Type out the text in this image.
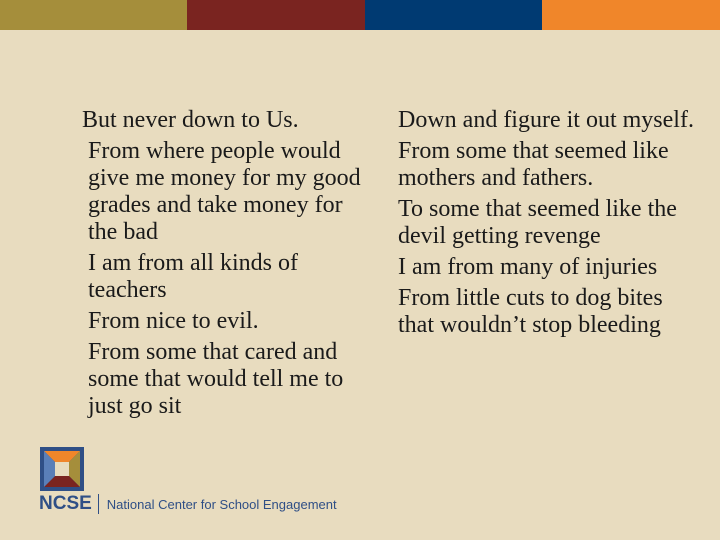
But never down to Us.

From where people would give me money for my good grades and take money for the bad

I am from all kinds of teachers

From nice to evil.

From some that cared and some that would tell me to just go sit

Down and figure it out myself.

From some that seemed like mothers and fathers.

To some that seemed like the devil getting revenge

I am from many of injuries

From little cuts to dog bites that wouldn’t stop bleeding

NCSE National Center for School Engagement
